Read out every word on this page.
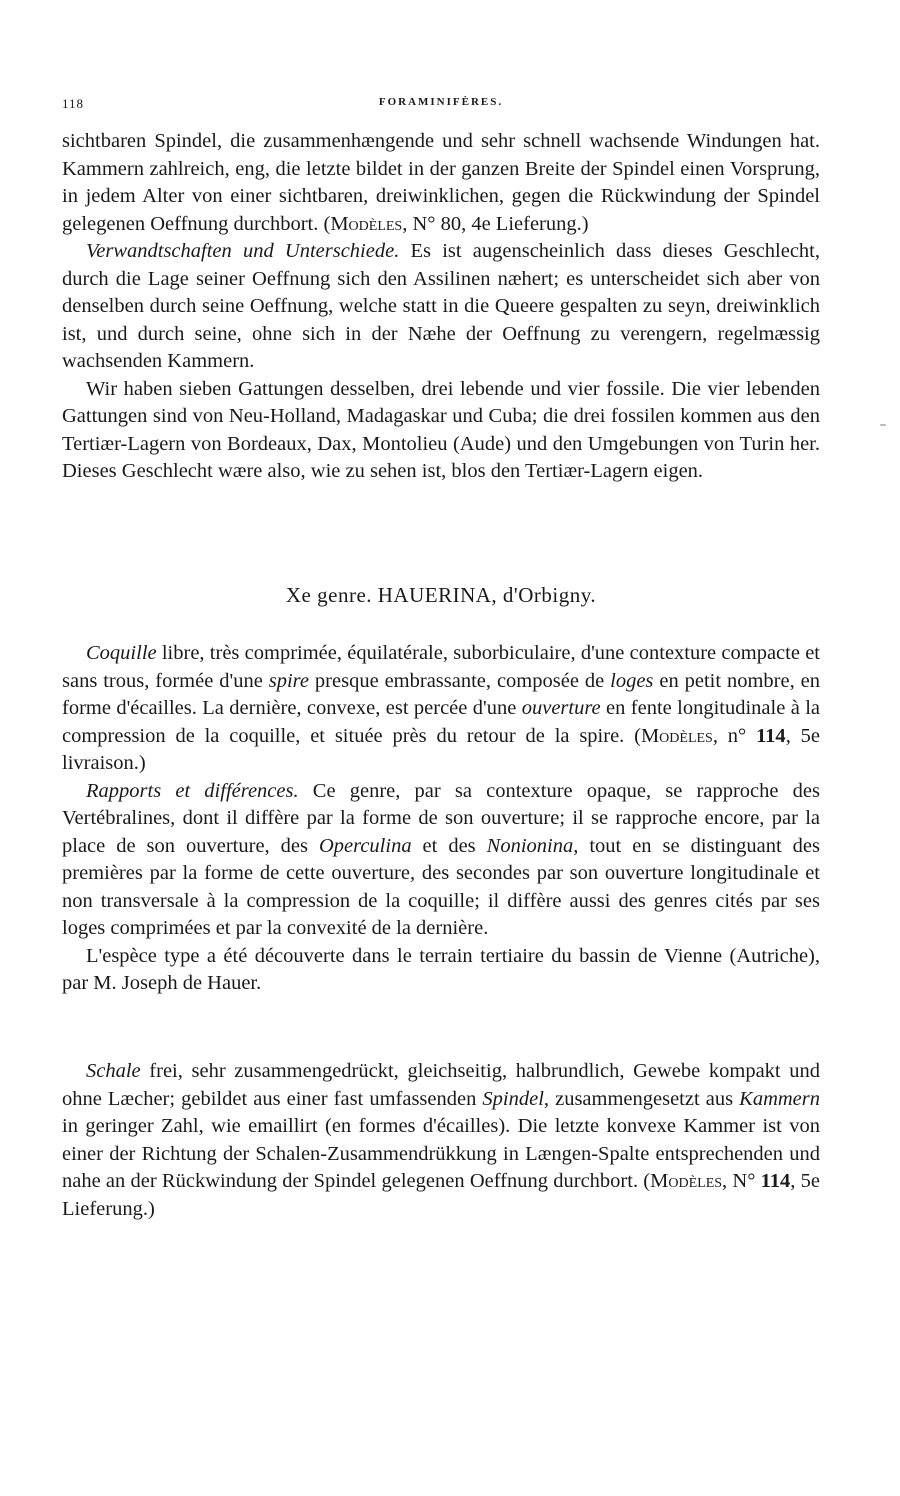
118	FORAMINIFÈRES.

sichtbaren Spindel, die zusammenhængende und sehr schnell wachsende Windungen hat. Kammern zahlreich, eng, die letzte bildet in der ganzen Breite der Spindel einen Vorsprung, in jedem Alter von einer sichtbaren, dreiwinklichen, gegen die Rückwindung der Spindel gelegenen Oeffnung durchbort. (Modèles, N° 80, 4e Lieferung.)

Verwandtschaften und Unterschiede. Es ist augenscheinlich dass dieses Geschlecht, durch die Lage seiner Oeffnung sich den Assilinen næhert; es unterscheidet sich aber von denselben durch seine Oeffnung, welche statt in die Queere gespalten zu seyn, dreiwinklich ist, und durch seine, ohne sich in der Næhe der Oeffnung zu verengern, regelmæssig wachsenden Kammern.

Wir haben sieben Gattungen desselben, drei lebende und vier fossile. Die vier lebenden Gattungen sind von Neu-Holland, Madagaskar und Cuba; die drei fossilen kommen aus den Tertiær-Lagern von Bordeaux, Dax, Montolieu (Aude) und den Umgebungen von Turin her. Dieses Geschlecht wære also, wie zu sehen ist, blos den Tertiær-Lagern eigen.

Xe genre. HAUERINA, d'Orbigny.

Coquille libre, très comprimée, équilatérale, suborbiculaire, d'une contexture compacte et sans trous, formée d'une spire presque embrassante, composée de loges en petit nombre, en forme d'écailles. La dernière, convexe, est percée d'une ouverture en fente longitudinale à la compression de la coquille, et située près du retour de la spire. (Modèles, n° 114, 5e livraison.)

Rapports et différences. Ce genre, par sa contexture opaque, se rapproche des Vertébralines, dont il diffère par la forme de son ouverture; il se rapproche encore, par la place de son ouverture, des Operculina et des Nonionina, tout en se distinguant des premières par la forme de cette ouverture, des secondes par son ouverture longitudinale et non transversale à la compression de la coquille; il diffère aussi des genres cités par ses loges comprimées et par la convexité de la dernière.

L'espèce type a été découverte dans le terrain tertiaire du bassin de Vienne (Autriche), par M. Joseph de Hauer.

Schale frei, sehr zusammengedrückt, gleichseitig, halbrundlich, Gewebe kompakt und ohne Læcher; gebildet aus einer fast umfassenden Spindel, zusammengesetzt aus Kammern in geringer Zahl, wie emaillirt (en formes d'écailles). Die letzte konvexe Kammer ist von einer der Richtung der Schalen-Zusammendrükkung in Længen-Spalte entsprechenden und nahe an der Rückwindung der Spindel gelegenen Oeffnung durchbort. (Modèles, N° 114, 5e Lieferung.)
